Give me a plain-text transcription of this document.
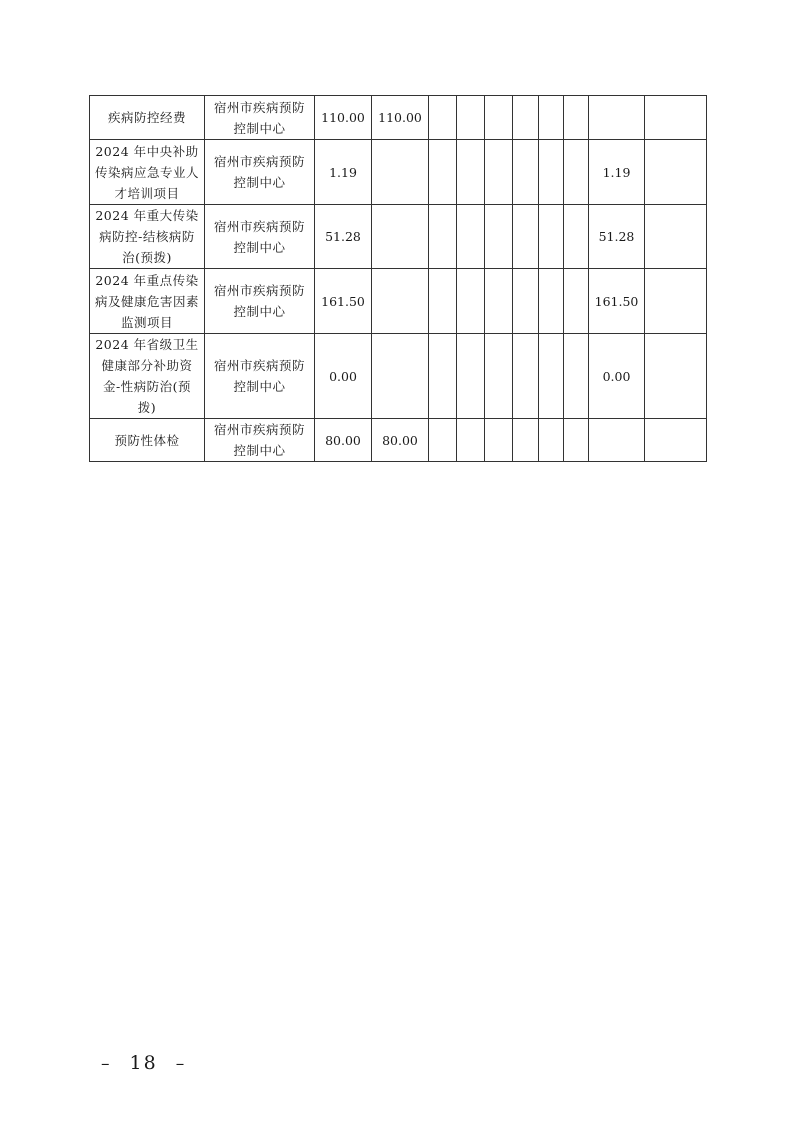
疾病防控经费	宿州市疾病预防控制中心	110.00	110.00								
2024 年中央补助传染病应急专业人才培训项目	宿州市疾病预防控制中心	1.19								1.19	
2024 年重大传染病防控-结核病防治(预拨)	宿州市疾病预防控制中心	51.28								51.28	
2024 年重点传染病及健康危害因素监测项目	宿州市疾病预防控制中心	161.50								161.50	
2024 年省级卫生健康部分补助资金-性病防治(预拨)	宿州市疾病预防控制中心	0.00								0.00	
预防性体检	宿州市疾病预防控制中心	80.00	80.00								
– 18 –
